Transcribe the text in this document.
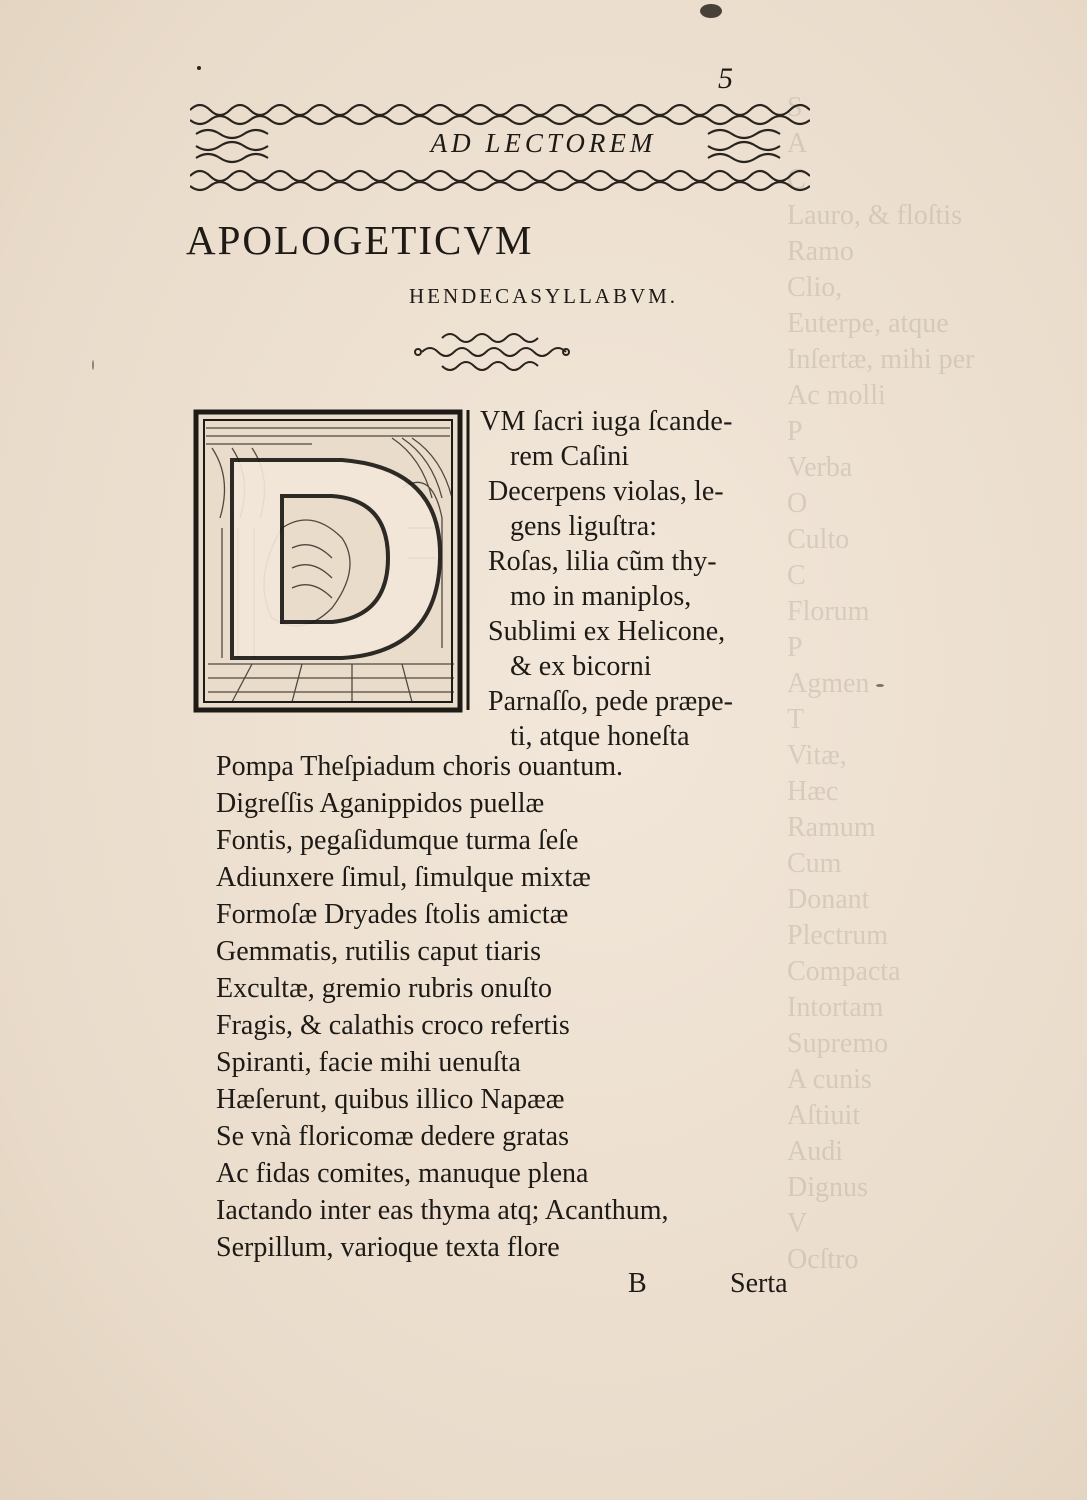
S
A
C
Lauro, & floſtis
Ramo
Clio,
Euterpe, atque
Inſertæ, mihi per
Ac molli
P
Verba
O
Culto
C
Florum
P
Agmen
T
Vitæ,
Hæc
Ramum
Cum
Donant
Plectrum
Compacta
Intortam
Supremo
A cunis
Aſtiuit
Audi
Dignus
V
Ocſtro
5
AD LECTOREM
APOLOGETICVM
HENDECASYLLABVM.
VM ſacri iuga ſcande-
rem Caſini
Decerpens violas, le-
gens liguſtra:
Roſas, lilia cũm thy-
mo in maniplos,
Sublimi ex Helicone,
& ex bicorni
Parnaſſo, pede præpe-
ti, atque honeſta
Pompa Theſpiadum choris ouantum.
Digreſſis Aganippidos puellæ
Fontis, pegaſidumque turma ſeſe
Adiunxere ſimul, ſimulque mixtæ
Formoſæ Dryades ſtolis amictæ
Gemmatis, rutilis caput tiaris
Excultæ, gremio rubris onuſto
Fragis, & calathis croco refertis
Spiranti, facie mihi uenuſta
Hæſerunt, quibus illico Napææ
Se vnà floricomæ dedere gratas
Ac fidas comites, manuque plena
Iactando inter eas thyma atq; Acanthum,
Serpillum, varioque texta flore
B	Serta
